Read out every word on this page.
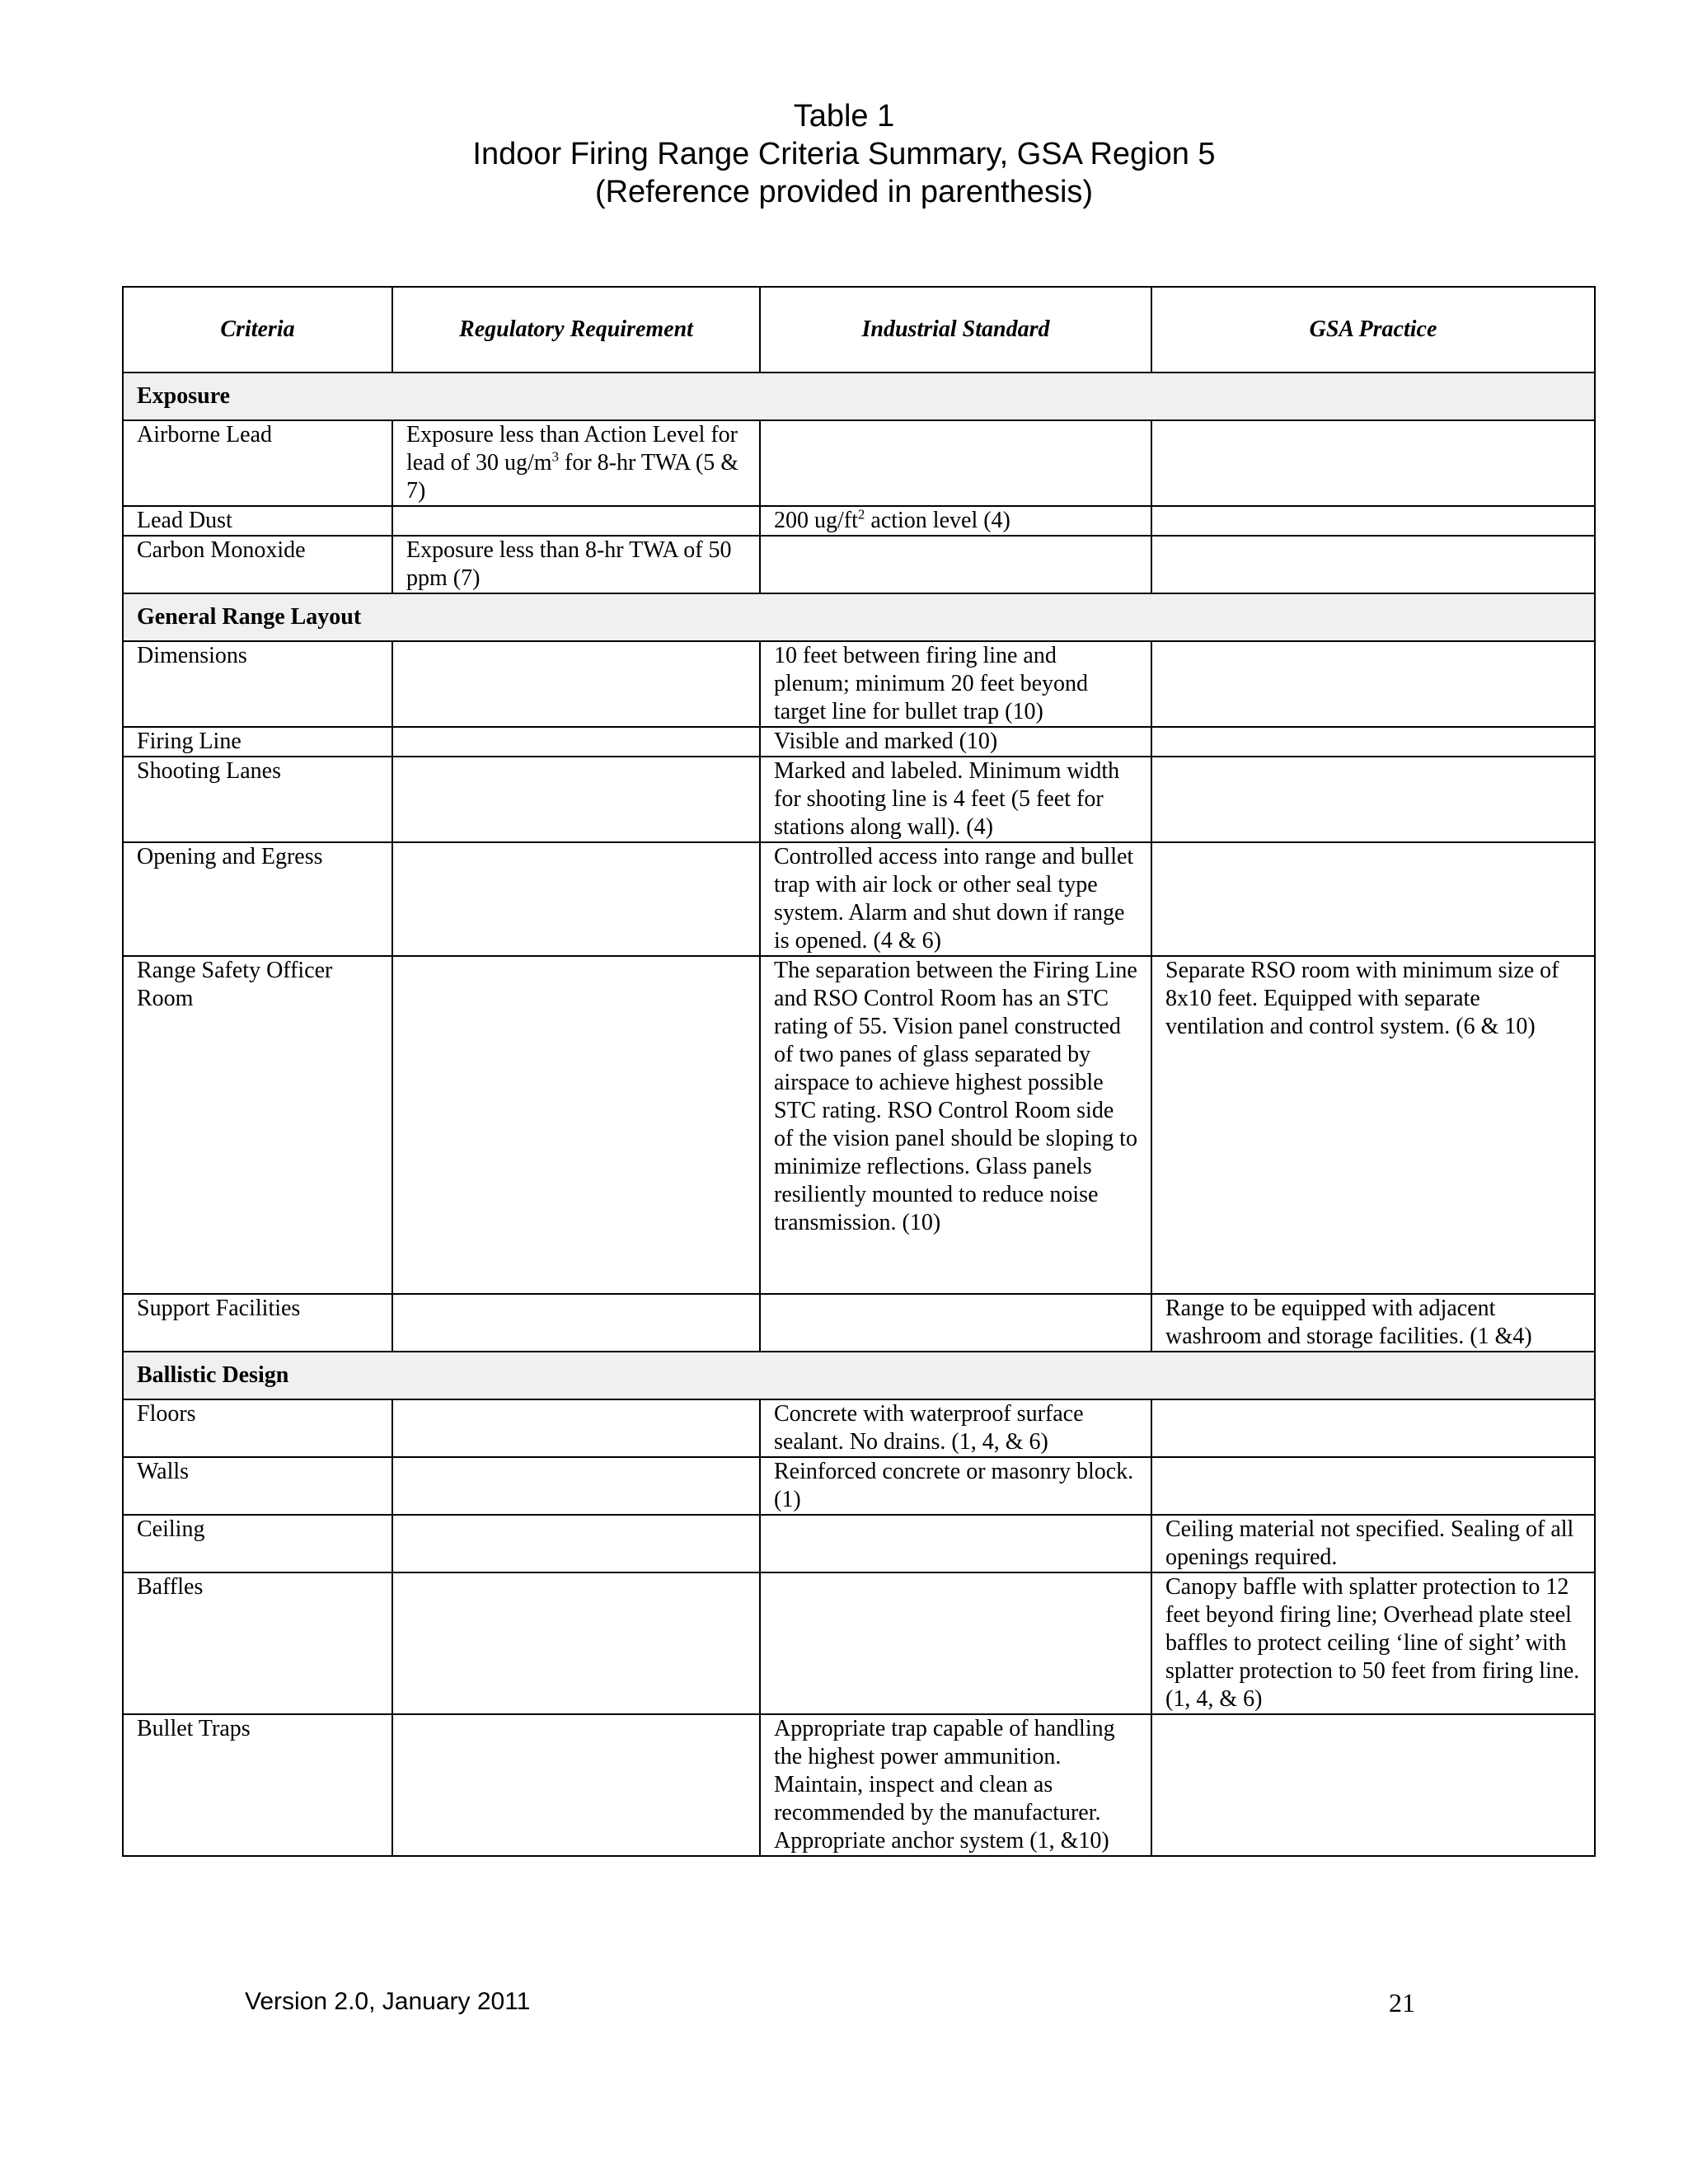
Table 1
Indoor Firing Range Criteria Summary, GSA Region 5
(Reference provided in parenthesis)
Criteria	Regulatory Requirement	Industrial Standard	GSA Practice
Exposure			
Airborne Lead	Exposure less than Action Level for lead of 30 $ug/m^3$ for 8-hr TWA (5 & 7)		
Lead Dust		200 $ug/ft^2$ action level (4)	
Carbon Monoxide	Exposure less than 8-hr TWA of 50 ppm (7)		
General Range Layout			
Dimensions		10 feet between firing line and plenum; minimum 20 feet beyond target line for bullet trap (10)	
Firing Line		Visible and marked (10)	
Shooting Lanes		Marked and labeled. Minimum width for shooting line is 4 feet (5 feet for stations along wall). (4)	
Opening and Egress		Controlled access into range and bullet trap with air lock or other seal type system. Alarm and shut down if range is opened. (4 & 6)	
Range Safety Officer Room		The separation between the Firing Line and RSO Control Room has an STC rating of 55. Vision panel constructed of two panes of glass separated by airspace to achieve highest possible STC rating. RSO Control Room side of the vision panel should be sloping to minimize reflections. Glass panels resiliently mounted to reduce noise transmission. (10)	Separate RSO room with minimum size of 8x10 feet. Equipped with separate ventilation and control system. (6 & 10)
Support Facilities			Range to be equipped with adjacent washroom and storage facilities. (1 &4)
Ballistic Design			
Floors		Concrete with waterproof surface sealant. No drains. (1, 4, & 6)	
Walls		Reinforced concrete or masonry block. (1)	
Ceiling			Ceiling material not specified. Sealing of all openings required.
Baffles			Canopy baffle with splatter protection to 12 feet beyond firing line; Overhead plate steel baffles to protect ceiling ‘line of sight’ with splatter protection to 50 feet from firing line. (1, 4, & 6)
Bullet Traps		Appropriate trap capable of handling the highest power ammunition. Maintain, inspect and clean as recommended by the manufacturer. Appropriate anchor system (1, &10)	
Version 2.0, January 2011	21
